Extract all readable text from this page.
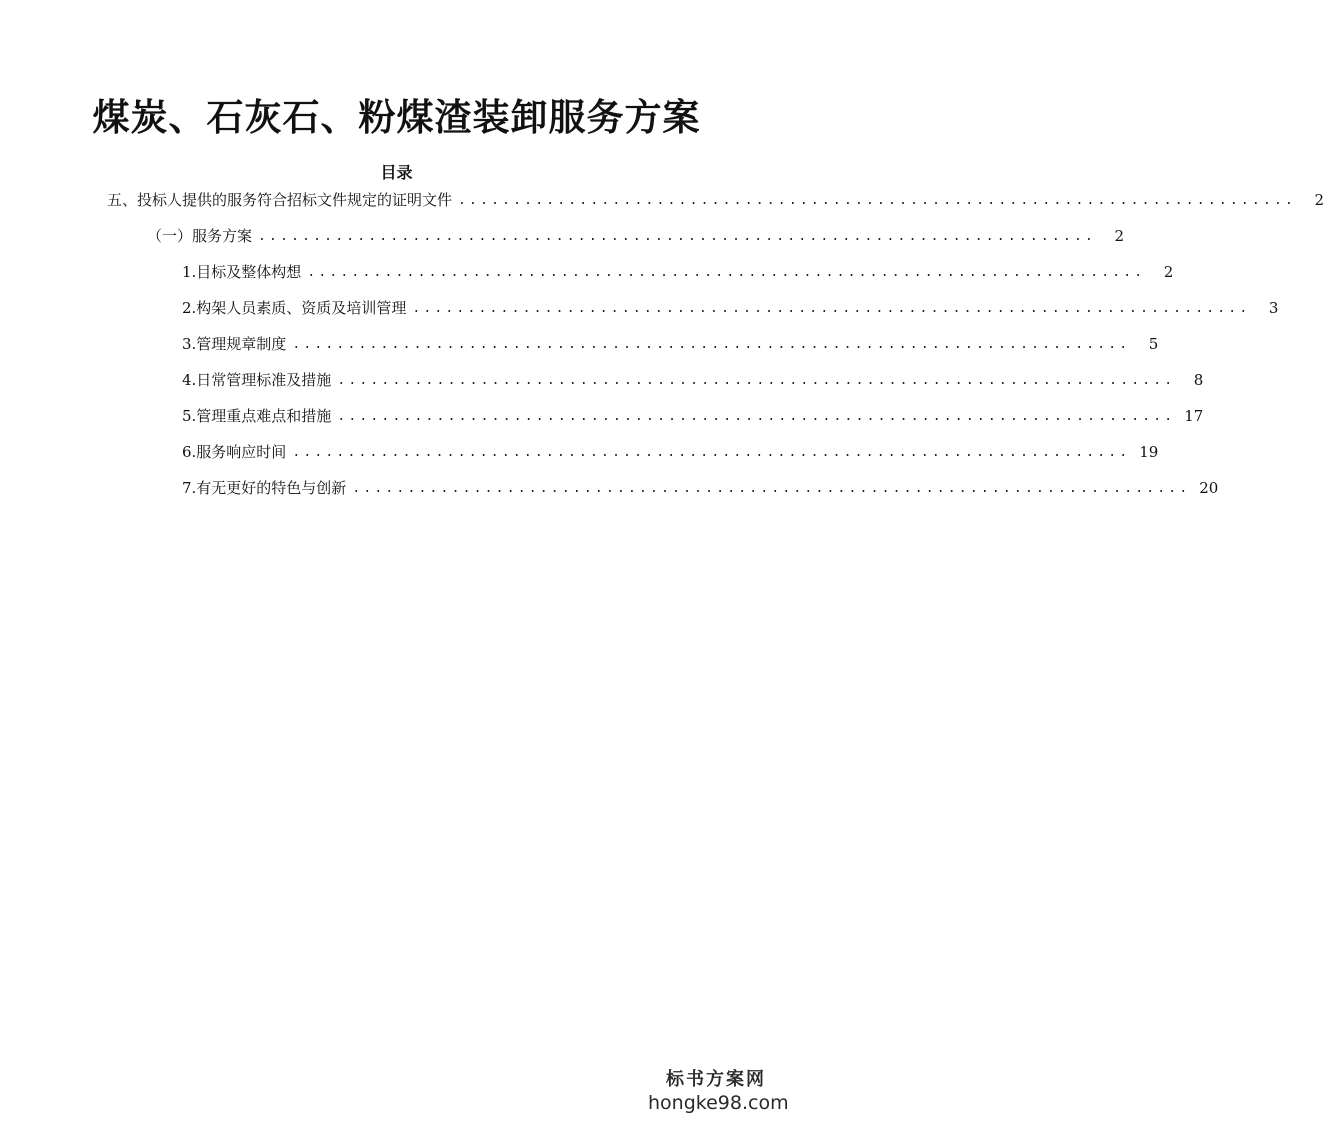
煤炭、石灰石、粉煤渣装卸服务方案
目录
五、投标人提供的服务符合招标文件规定的证明文件 ............................................................................	2
（一）服务方案 ............................................................................	2
1.目标及整体构想 ............................................................................	2
2.构架人员素质、资质及培训管理 ............................................................................	3
3.管理规章制度 ............................................................................	5
4.日常管理标准及措施 ............................................................................	8
5.管理重点难点和措施 ............................................................................ 17
6.服务响应时间 ............................................................................ 19
7.有无更好的特色与创新 ............................................................................ 20
标书方案网
hongke98.com
